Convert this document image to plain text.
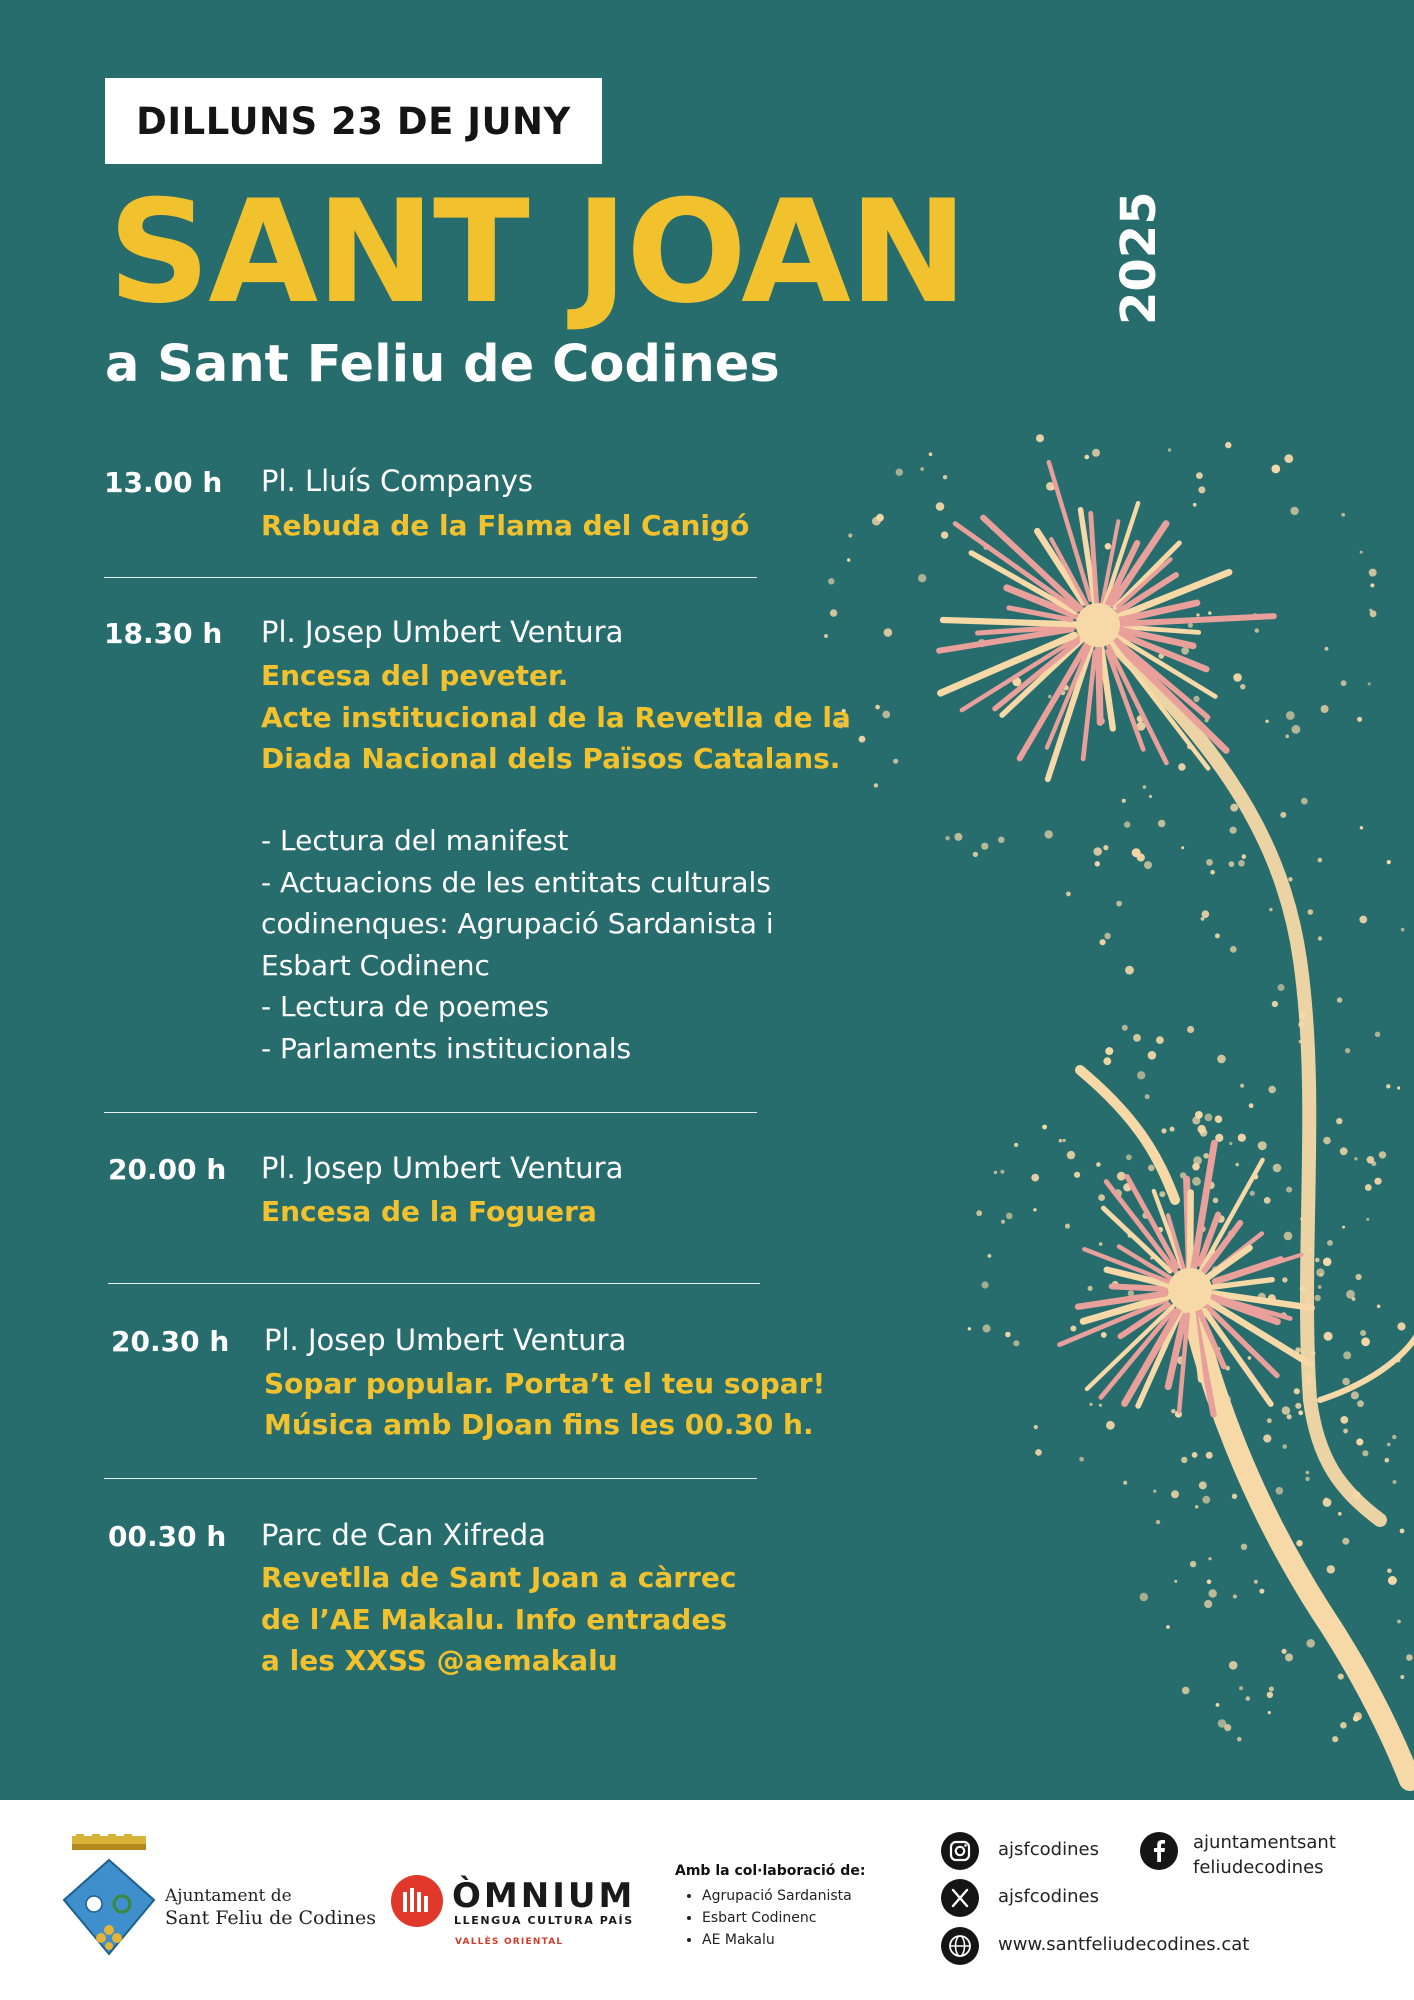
DILLUNS 23 DE JUNY
SANT JOAN	2025
a Sant Feliu de Codines
13.00 h Pl. Lluís Companys
Rebuda de la Flama del Canigó
18.30 h Pl. Josep Umbert Ventura
Encesa del peveter.
Acte institucional de la Revetlla de la
Diada Nacional dels Països Catalans.
- Lectura del manifest
- Actuacions de les entitats culturals
codinenques: Agrupació Sardanista i
Esbart Codinenc
- Lectura de poemes
- Parlaments institucionals
20.00 h Pl. Josep Umbert Ventura
Encesa de la Foguera
20.30 h Pl. Josep Umbert Ventura
Sopar popular. Porta’t el teu sopar!
Música amb DJoan fins les 00.30 h.
00.30 h Parc de Can Xifreda
Revetlla de Sant Joan a càrrec
de l’AE Makalu. Info entrades
a les XXSS @aemakalu
Ajuntament de
Sant Feliu de Codines
ÒMNIUM
LLENGUA CULTURA PAÍS
VALLÈS ORIENTAL
Amb la col·laboració de:
• Agrupació Sardanista
• Esbart Codinenc
• AE Makalu
ajsfcodines
ajsfcodines
www.santfeliudecodines.cat
ajuntamentsant
feliudecodines
